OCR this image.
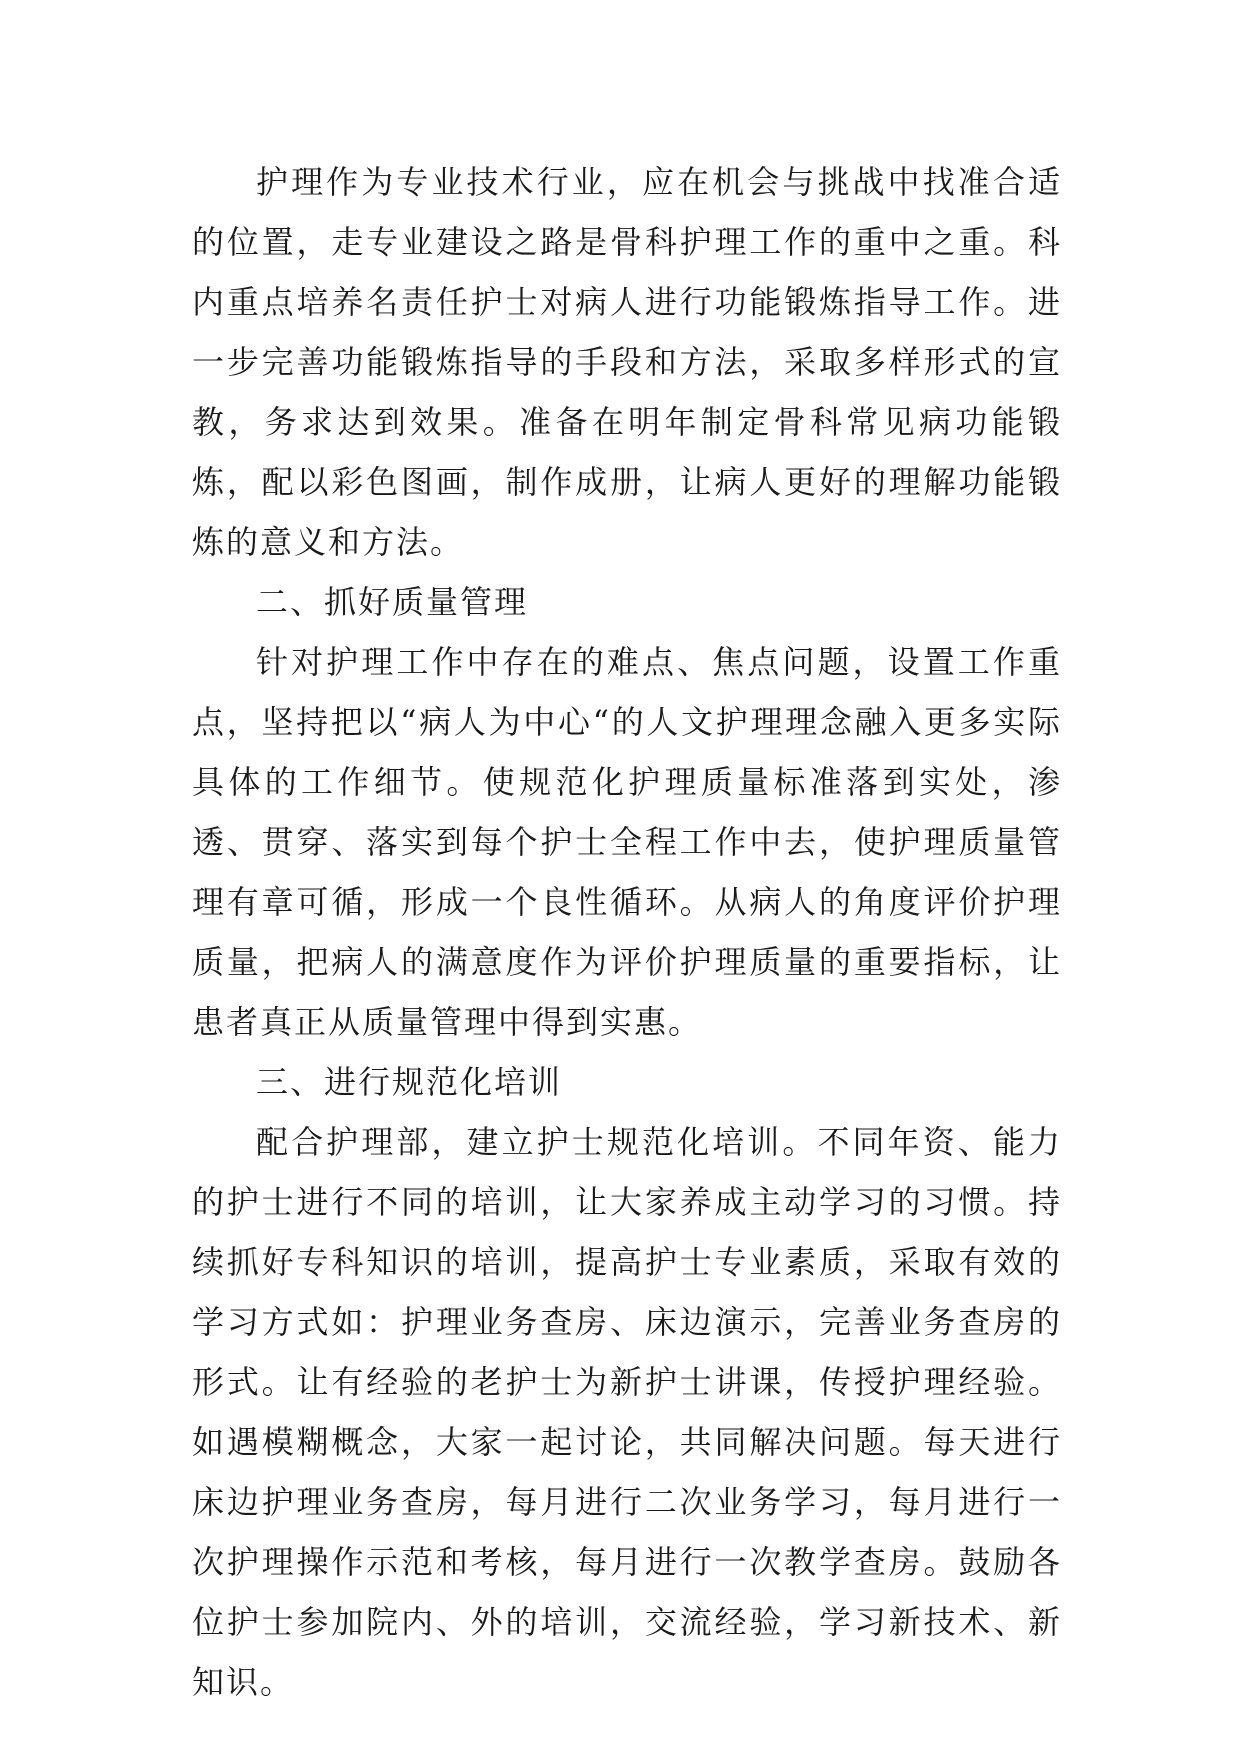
护理作为专业技术行业，应在机会与挑战中找准合适的位置，走专业建设之路是骨科护理工作的重中之重。科内重点培养名责任护士对病人进行功能锻炼指导工作。进一步完善功能锻炼指导的手段和方法，采取多样形式的宣教，务求达到效果。准备在明年制定骨科常见病功能锻炼，配以彩色图画，制作成册，让病人更好的理解功能锻炼的意义和方法。

二、抓好质量管理

针对护理工作中存在的难点、焦点问题，设置工作重点，坚持把以“病人为中心“的人文护理理念融入更多实际具体的工作细节。使规范化护理质量标准落到实处，渗透、贯穿、落实到每个护士全程工作中去，使护理质量管理有章可循，形成一个良性循环。从病人的角度评价护理质量，把病人的满意度作为评价护理质量的重要指标，让患者真正从质量管理中得到实惠。

三、进行规范化培训

配合护理部，建立护士规范化培训。不同年资、能力的护士进行不同的培训，让大家养成主动学习的习惯。持续抓好专科知识的培训，提高护士专业素质，采取有效的学习方式如：护理业务查房、床边演示，完善业务查房的形式。让有经验的老护士为新护士讲课，传授护理经验。如遇模糊概念，大家一起讨论，共同解决问题。每天进行床边护理业务查房，每月进行二次业务学习，每月进行一次护理操作示范和考核，每月进行一次教学查房。鼓励各位护士参加院内、外的培训，交流经验，学习新技术、新知识。
